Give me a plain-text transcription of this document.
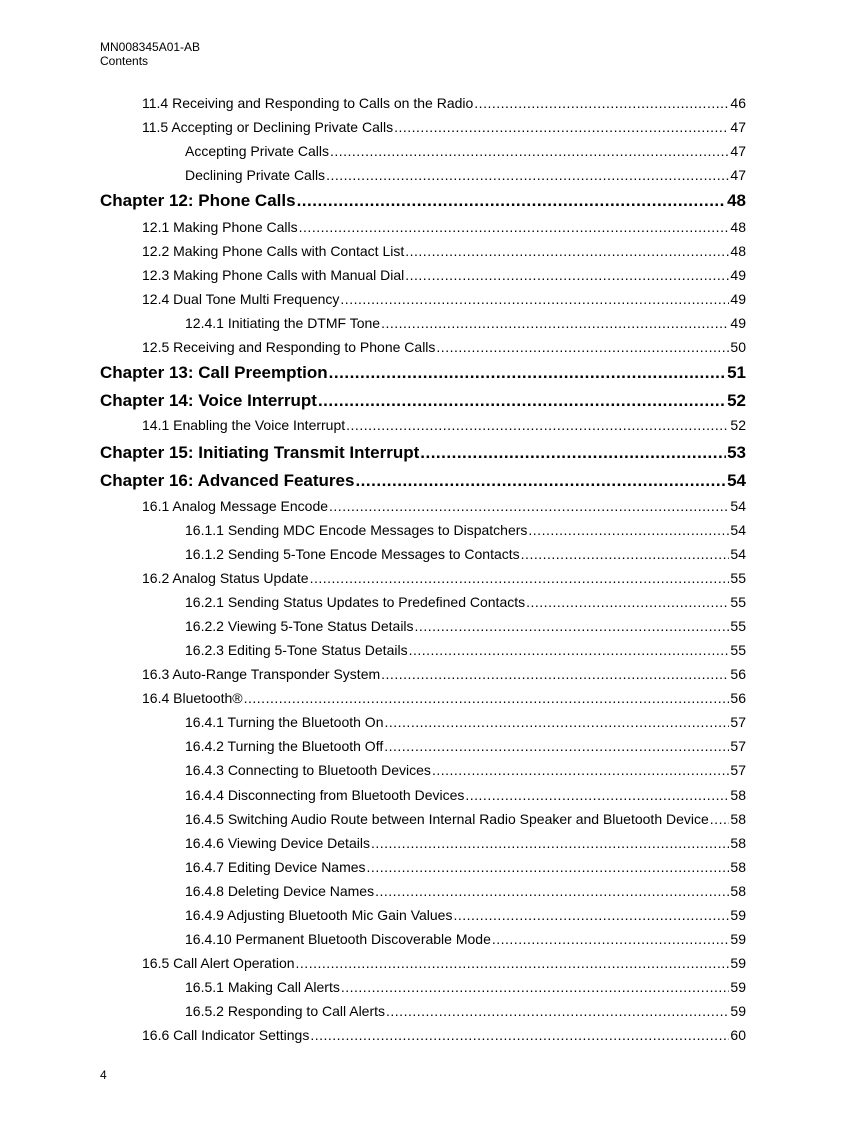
MN008345A01-AB
Contents
11.4 Receiving and Responding to Calls on the Radio .....	46
11.5 Accepting or Declining Private Calls .....	47
Accepting Private Calls .....	47
Declining Private Calls .....	47
Chapter 12: Phone Calls .....	48
12.1 Making Phone Calls .....	48
12.2 Making Phone Calls with Contact List .....	48
12.3 Making Phone Calls with Manual Dial .....	49
12.4 Dual Tone Multi Frequency .....	49
12.4.1 Initiating the DTMF Tone .....	49
12.5 Receiving and Responding to Phone Calls .....	50
Chapter 13: Call Preemption .....	51
Chapter 14: Voice Interrupt .....	52
14.1 Enabling the Voice Interrupt .....	52
Chapter 15: Initiating Transmit Interrupt .....	53
Chapter 16: Advanced Features .....	54
16.1 Analog Message Encode .....	54
16.1.1 Sending MDC Encode Messages to Dispatchers .....	54
16.1.2 Sending 5-Tone Encode Messages to Contacts .....	54
16.2 Analog Status Update .....	55
16.2.1 Sending Status Updates to Predefined Contacts .....	55
16.2.2 Viewing 5-Tone Status Details .....	55
16.2.3 Editing 5-Tone Status Details .....	55
16.3 Auto-Range Transponder System .....	56
16.4 Bluetooth® .....	56
16.4.1 Turning the Bluetooth On .....	57
16.4.2 Turning the Bluetooth Off .....	57
16.4.3 Connecting to Bluetooth Devices .....	57
16.4.4 Disconnecting from Bluetooth Devices .....	58
16.4.5 Switching Audio Route between Internal Radio Speaker and Bluetooth Device ..... 58
16.4.6 Viewing Device Details .....	58
16.4.7 Editing Device Names .....	58
16.4.8 Deleting Device Names .....	58
16.4.9 Adjusting Bluetooth Mic Gain Values .....	59
16.4.10 Permanent Bluetooth Discoverable Mode .....	59
16.5 Call Alert Operation .....	59
16.5.1 Making Call Alerts .....	59
16.5.2 Responding to Call Alerts .....	59
16.6 Call Indicator Settings .....	60
4
